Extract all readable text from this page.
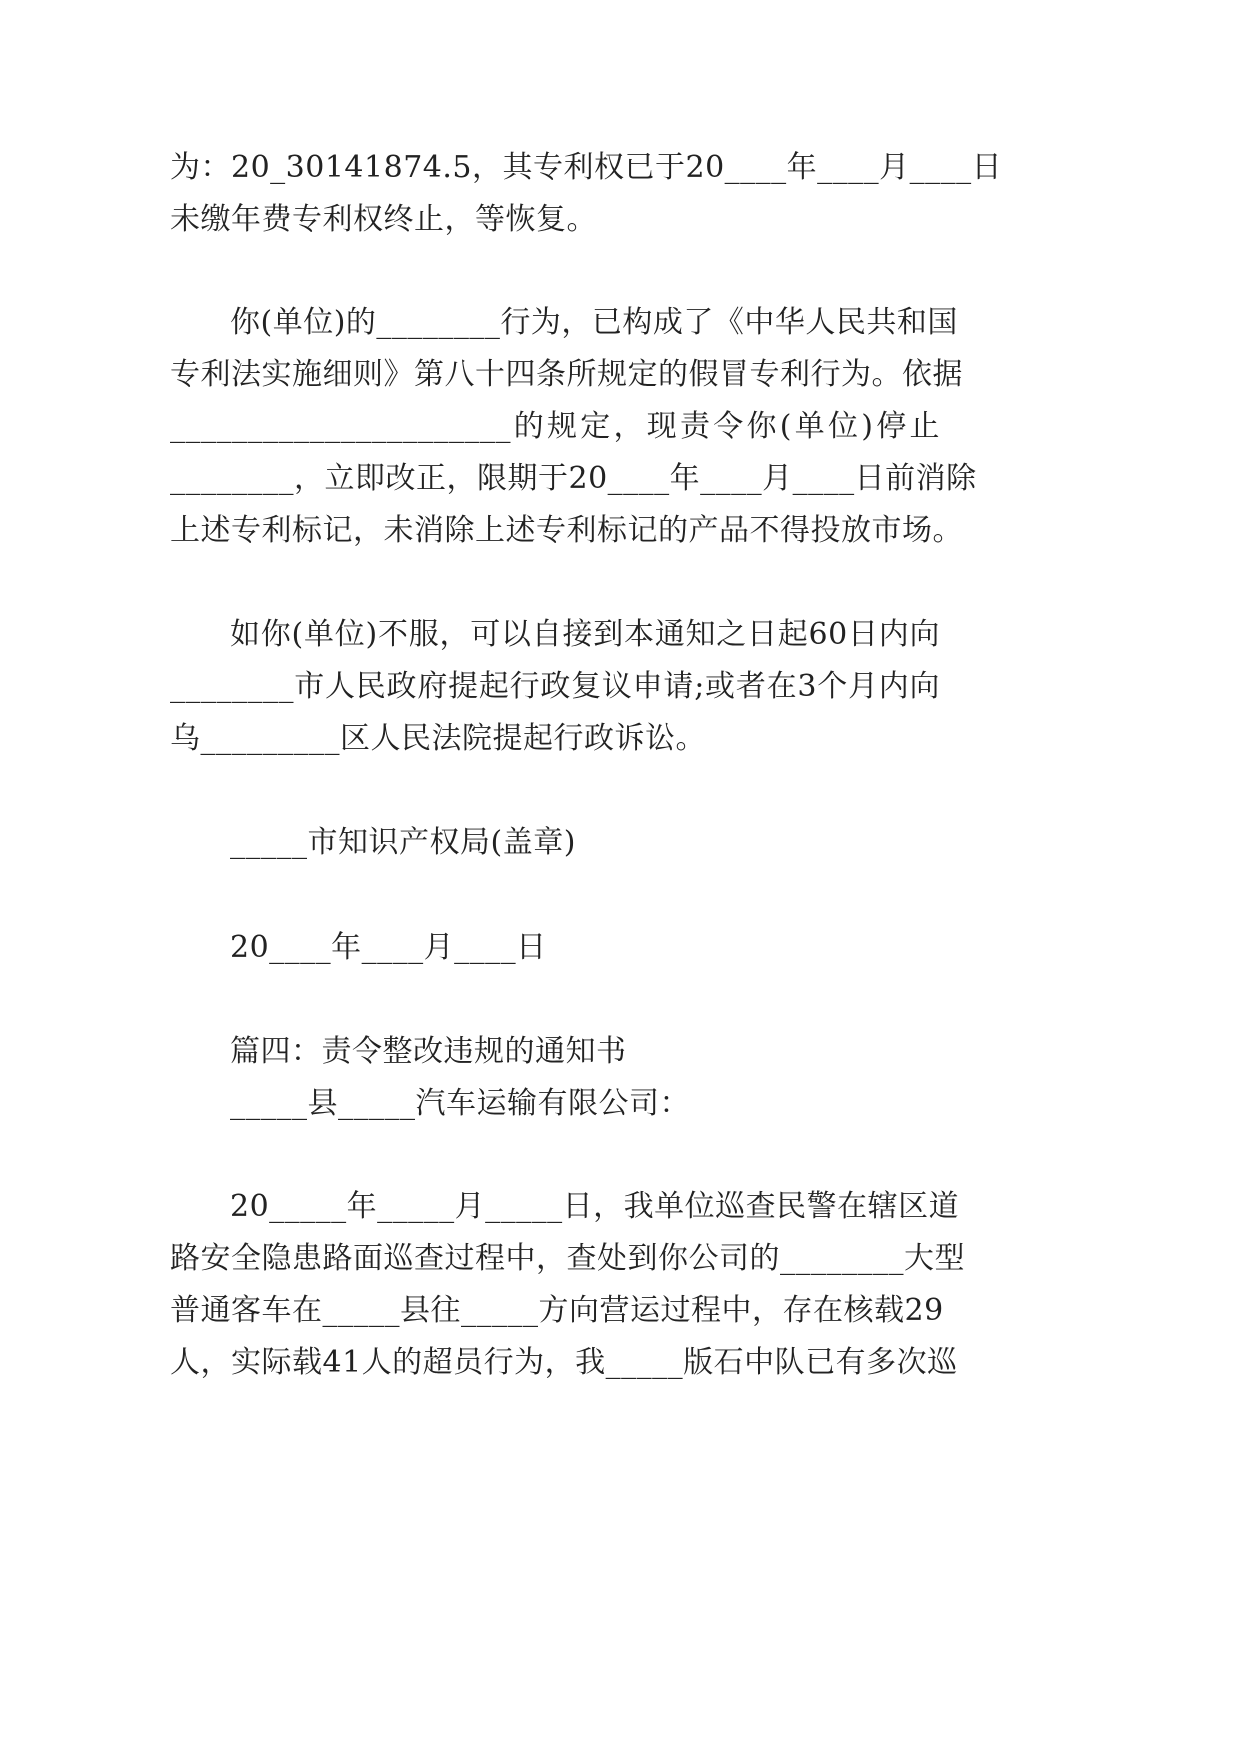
为：20_30141874.5，其专利权已于20____年____月____日
未缴年费专利权终止，等恢复。
你(单位)的________行为，已构成了《中华人民共和国
专利法实施细则》第八十四条所规定的假冒专利行为。依据
______________________的规定，现责令你(单位)停止
________，立即改正，限期于20____年____月____日前消除
上述专利标记，未消除上述专利标记的产品不得投放市场。
如你(单位)不服，可以自接到本通知之日起60日内向
________市人民政府提起行政复议申请;或者在3个月内向
乌_________区人民法院提起行政诉讼。
_____市知识产权局(盖章)
20____年____月____日
篇四：责令整改违规的通知书
_____县_____汽车运输有限公司：
20_____年_____月_____日，我单位巡查民警在辖区道
路安全隐患路面巡查过程中，查处到你公司的________大型
普通客车在_____县往_____方向营运过程中，存在核载29
人，实际载41人的超员行为，我_____版石中队已有多次巡
